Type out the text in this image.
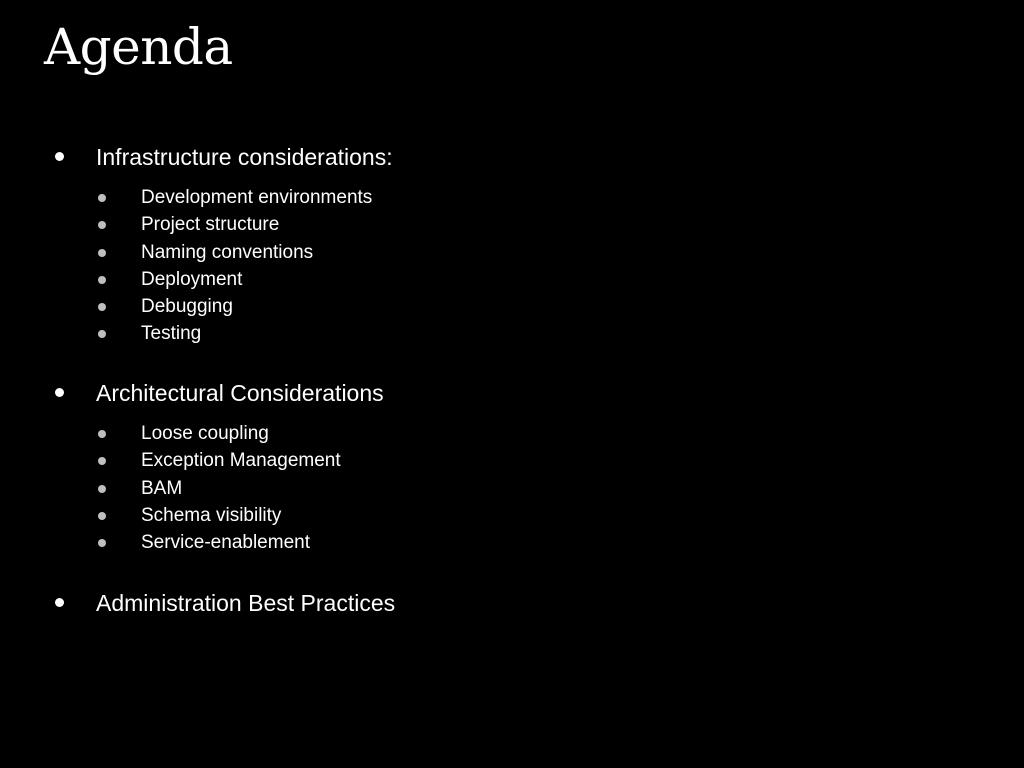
Agenda
Infrastructure considerations:
Development environments
Project structure
Naming conventions
Deployment
Debugging
Testing
Architectural Considerations
Loose coupling
Exception Management
BAM
Schema visibility
Service-enablement
Administration Best Practices
